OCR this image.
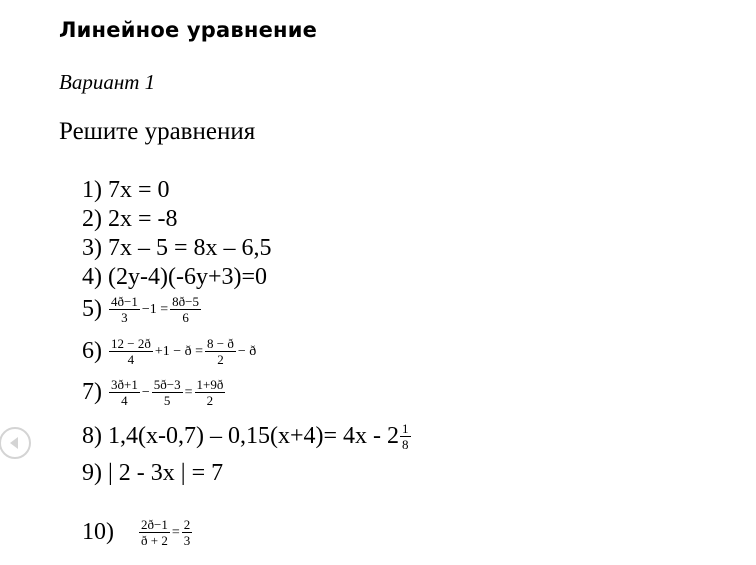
Линейное уравнение
Вариант 1
Решите уравнения
1) 7x = 0
2) 2x = -8
3) 7x – 5 = 8x – 6,5
4) (2y-4)(-6y+3)=0
$5) \frac{4ð-1}{3} -1 = \frac{8ð-5}{6}$
$6) \frac{12 - 2ð}{4} +1$ − ð = $\frac{8 - ð}{2}$ − ð
$7) \frac{3ð+1}{4} - \frac{5ð-3}{5} = \frac{1+9ð}{2}$
8) $1,4(x-0,7) - 0,15(x+4)= 4x - 2 \frac{1}{8}$
9) | 2 - 3x | = 7
10)	$\frac{2ð-1}{ð + 2} = \frac{2}{3}$
